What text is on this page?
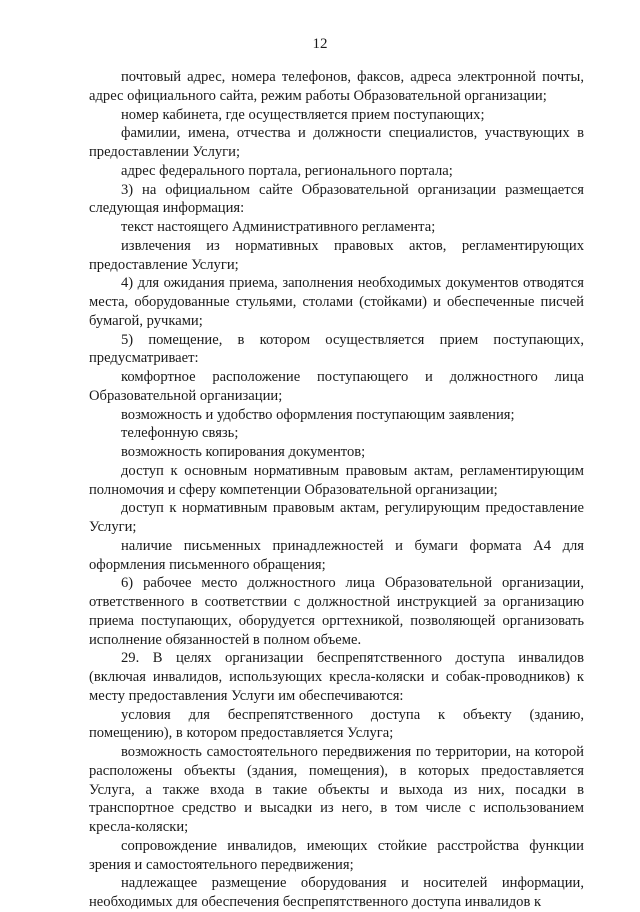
12

почтовый адрес, номера телефонов, факсов, адреса электронной почты, адрес официального сайта, режим работы Образовательной организации;

номер кабинета, где осуществляется прием поступающих;

фамилии, имена, отчества и должности специалистов, участвующих в предоставлении Услуги;

адрес федерального портала, регионального портала;

3) на официальном сайте Образовательной организации размещается следующая информация:

текст настоящего Административного регламента;

извлечения из нормативных правовых актов, регламентирующих предоставление Услуги;

4) для ожидания приема, заполнения необходимых документов отводятся места, оборудованные стульями, столами (стойками) и обеспеченные писчей бумагой, ручками;

5) помещение, в котором осуществляется прием поступающих, предусматривает:

комфортное расположение поступающего и должностного лица Образовательной организации;

возможность и удобство оформления поступающим заявления;

телефонную связь;

возможность копирования документов;

доступ к основным нормативным правовым актам, регламентирующим полномочия и сферу компетенции Образовательной организации;

доступ к нормативным правовым актам, регулирующим предоставление Услуги;

наличие письменных принадлежностей и бумаги формата А4 для оформления письменного обращения;

6) рабочее место должностного лица Образовательной организации, ответственного в соответствии с должностной инструкцией за организацию приема поступающих, оборудуется оргтехникой, позволяющей организовать исполнение обязанностей в полном объеме.

29. В целях организации беспрепятственного доступа инвалидов (включая инвалидов, использующих кресла-коляски и собак-проводников) к месту предоставления Услуги им обеспечиваются:

условия для беспрепятственного доступа к объекту (зданию, помещению), в котором предоставляется Услуга;

возможность самостоятельного передвижения по территории, на которой расположены объекты (здания, помещения), в которых предоставляется Услуга, а также входа в такие объекты и выхода из них, посадки в транспортное средство и высадки из него, в том числе с использованием кресла-коляски;

сопровождение инвалидов, имеющих стойкие расстройства функции зрения и самостоятельного передвижения;

надлежащее размещение оборудования и носителей информации, необходимых для обеспечения беспрепятственного доступа инвалидов к
